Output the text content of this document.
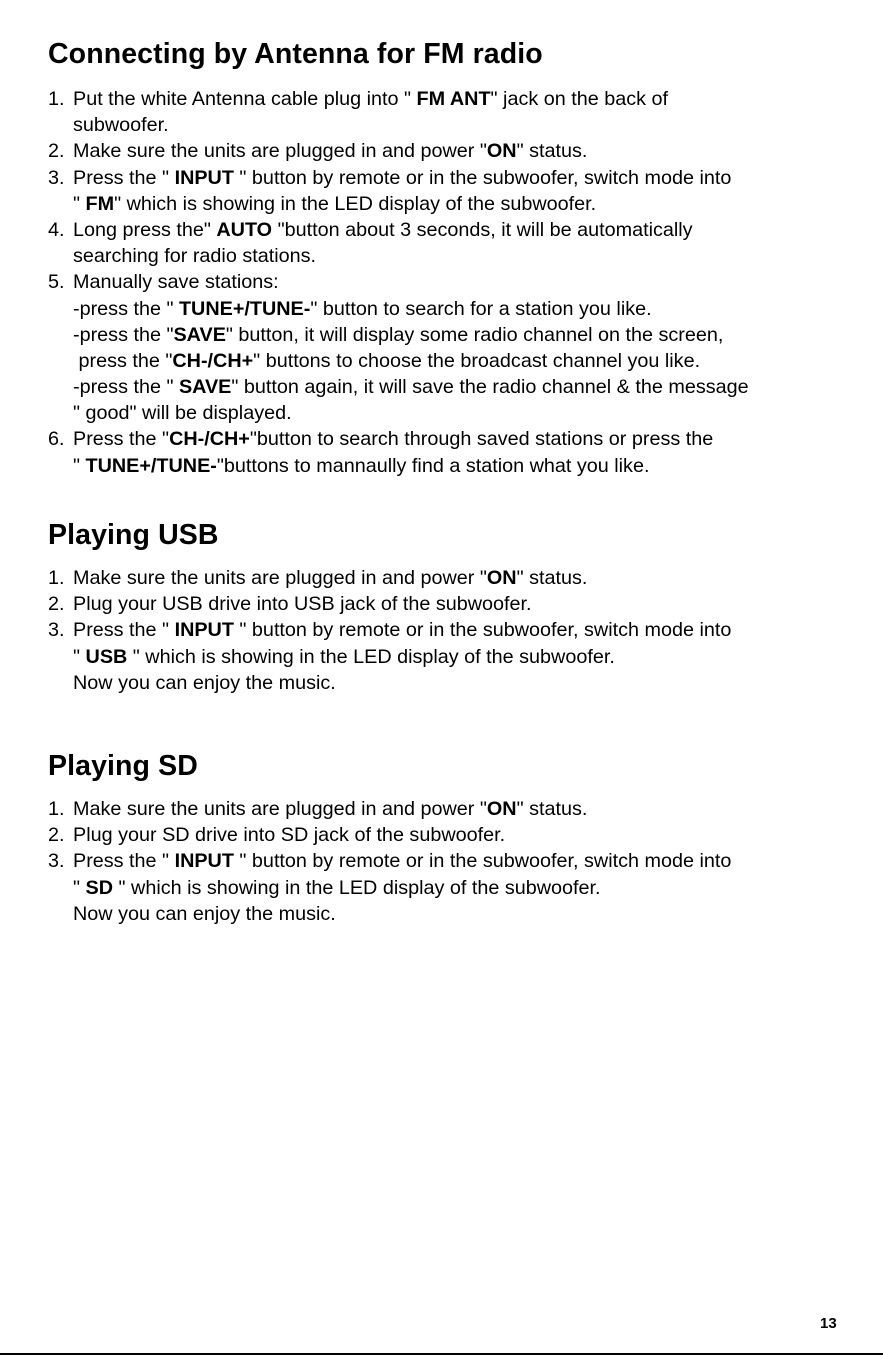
Connecting by Antenna for FM radio
1. Put the white Antenna cable plug into " FM ANT" jack on the back of
subwoofer.
2. Make sure the units are plugged in and power "ON" status.
3. Press the " INPUT " button by remote or in the subwoofer, switch mode into
" FM" which is showing in the LED display of the subwoofer.
4. Long press the" AUTO "button about 3 seconds, it will be automatically
searching for radio stations.
5. Manually save stations:
-press the " TUNE+/TUNE-" button to search for a station you like.
-press the "SAVE" button, it will display some radio channel on the screen,
press the "CH-/CH+" buttons to choose the broadcast channel you like.
-press the " SAVE" button again, it will save the radio channel & the message
" good" will be displayed.
6. Press the "CH-/CH+"button to search through saved stations or press the
" TUNE+/TUNE-"buttons to mannaully find a station what you like.
Playing USB
1. Make sure the units are plugged in and power "ON" status.
2. Plug your USB drive into USB jack of the subwoofer.
3. Press the " INPUT " button by remote or in the subwoofer, switch mode into
" USB " which is showing in the LED display of the subwoofer.
Now you can enjoy the music.
Playing SD
1. Make sure the units are plugged in and power "ON" status.
2. Plug your SD drive into SD jack of the subwoofer.
3. Press the " INPUT " button by remote or in the subwoofer, switch mode into
" SD " which is showing in the LED display of the subwoofer.
Now you can enjoy the music.
13
